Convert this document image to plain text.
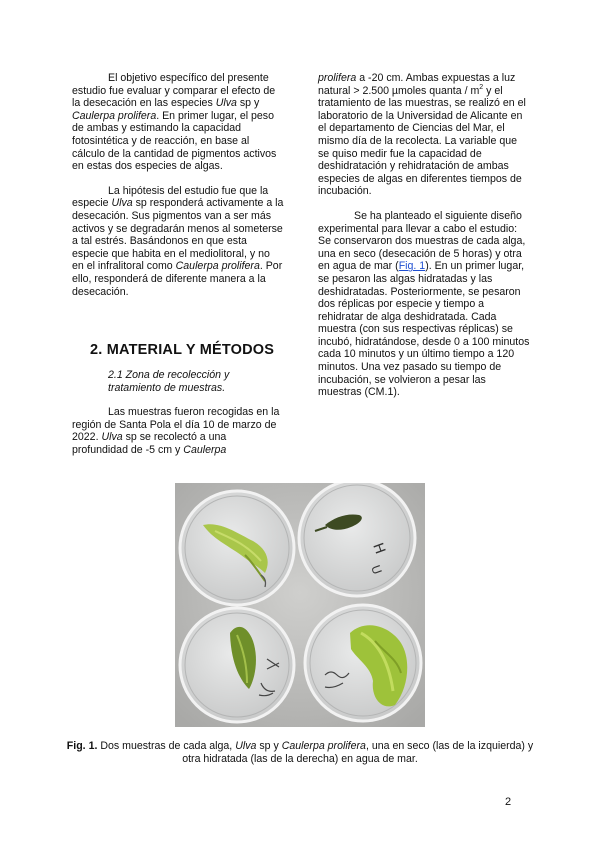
El objetivo específico del presente estudio fue evaluar y comparar el efecto de la desecación en las especies Ulva sp y Caulerpa prolifera. En primer lugar, el peso de ambas y estimando la capacidad fotosintética y de reacción, en base al cálculo de la cantidad de pigmentos activos en estas dos especies de algas.

La hipótesis del estudio fue que la especie Ulva sp responderá activamente a la desecación. Sus pigmentos van a ser más activos y se degradarán menos al someterse a tal estrés. Basándonos en que esta especie que habita en el mediolitoral, y no en el infralitoral como Caulerpa prolifera. Por ello, responderá de diferente manera a la desecación.

2. MATERIAL Y MÉTODOS

2.1 Zona de recolección y tratamiento de muestras.

Las muestras fueron recogidas en la región de Santa Pola el día 10 de marzo de 2022. Ulva sp se recolectó a una profundidad de -5 cm y Caulerpa

prolifera a -20 cm. Ambas expuestas a luz natural > 2.500 µmoles quanta / $m^2$ y el tratamiento de las muestras, se realizó en el laboratorio de la Universidad de Alicante en el departamento de Ciencias del Mar, el mismo día de la recolecta. La variable que se quiso medir fue la capacidad de deshidratación y rehidratación de ambas especies de algas en diferentes tiempos de incubación.

Se ha planteado el siguiente diseño experimental para llevar a cabo el estudio: Se conservaron dos muestras de cada alga, una en seco (desecación de 5 horas) y otra en agua de mar (Fig. 1). En un primer lugar, se pesaron las algas hidratadas y las deshidratadas. Posteriormente, se pesaron dos réplicas por especie y tiempo a rehidratar de alga deshidratada. Cada muestra (con sus respectivas réplicas) se incubó, hidratándose, desde 0 a 100 minutos cada 10 minutos y un último tiempo a 120 minutos. Una vez pasado su tiempo de incubación, se volvieron a pesar las muestras (CM.1).

H
U
Fig. 1. Dos muestras de cada alga, Ulva sp y Caulerpa prolifera, una en seco (las de la izquierda) y otra hidratada (las de la derecha) en agua de mar.
2
